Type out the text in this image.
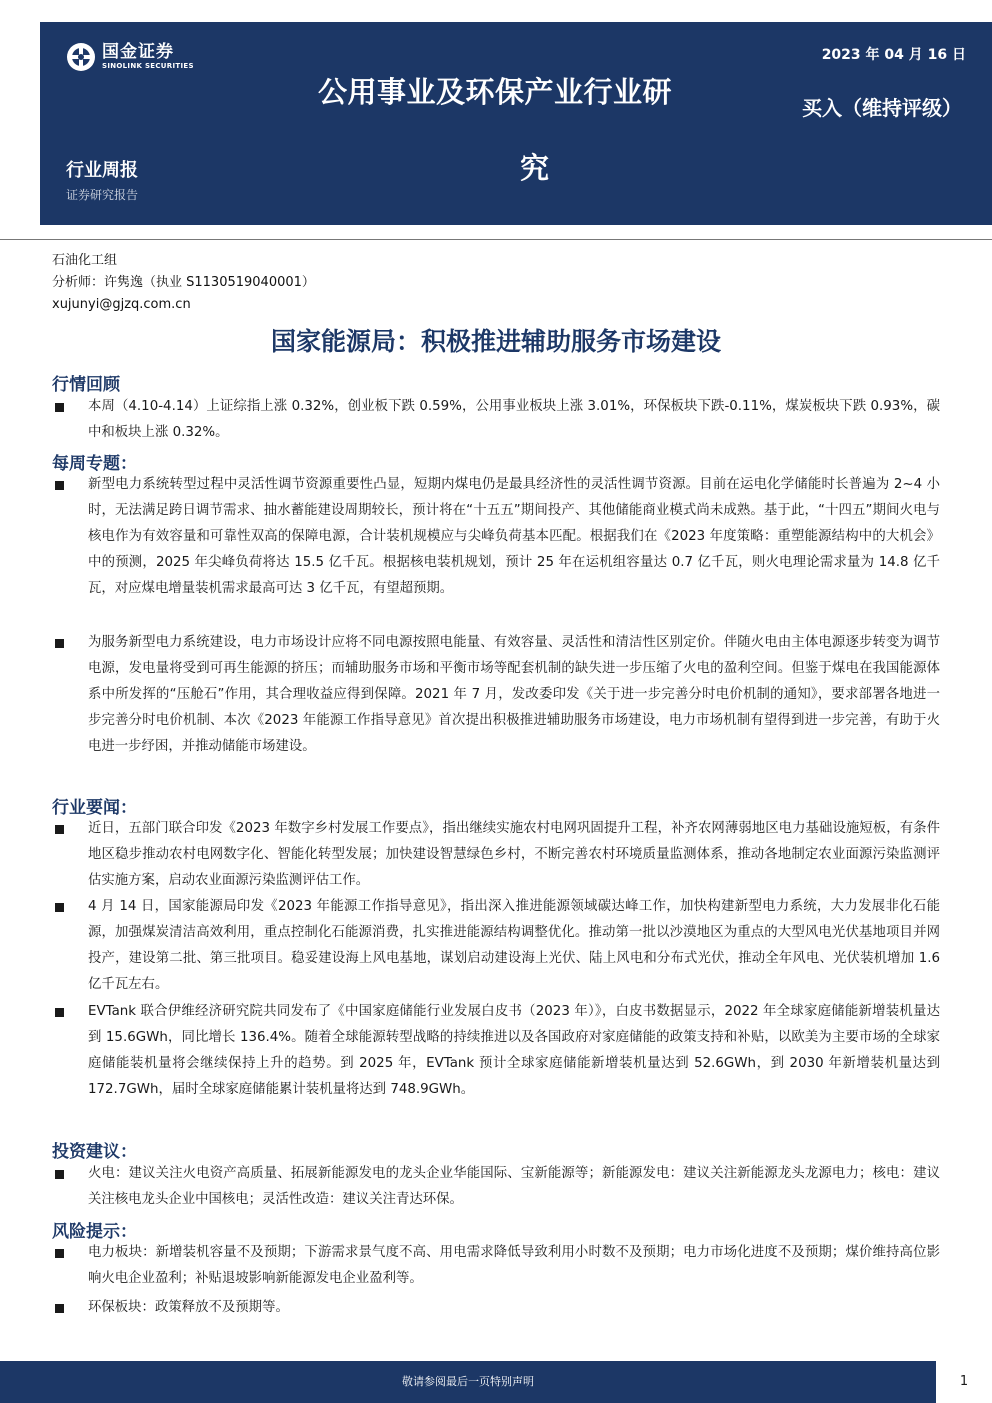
国金证券
SINOLINK SECURITIES
2023 年 04 月 16 日
公用事业及环保产业行业研
究
买入（维持评级）
行业周报
证券研究报告
石油化工组
分析师：许隽逸（执业 S1130519040001）
xujunyi@gjzq.com.cn
国家能源局：积极推进辅助服务市场建设
行情回顾
本周（4.10-4.14）上证综指上涨 0.32%，创业板下跌 0.59%，公用事业板块上涨 3.01%，环保板块下跌-0.11%，煤炭板块下跌 0.93%，碳中和板块上涨 0.32%。
每周专题：
新型电力系统转型过程中灵活性调节资源重要性凸显，短期内煤电仍是最具经济性的灵活性调节资源。目前在运电化学储能时长普遍为 2~4 小时，无法满足跨日调节需求、抽水蓄能建设周期较长，预计将在“十五五”期间投产、其他储能商业模式尚未成熟。基于此，“十四五”期间火电与核电作为有效容量和可靠性双高的保障电源，合计装机规模应与尖峰负荷基本匹配。根据我们在《2023 年度策略：重塑能源结构中的大机会》中的预测，2025 年尖峰负荷将达 15.5 亿千瓦。根据核电装机规划，预计 25 年在运机组容量达 0.7 亿千瓦，则火电理论需求量为 14.8 亿千瓦，对应煤电增量装机需求最高可达 3 亿千瓦，有望超预期。
为服务新型电力系统建设，电力市场设计应将不同电源按照电能量、有效容量、灵活性和清洁性区别定价。伴随火电由主体电源逐步转变为调节电源，发电量将受到可再生能源的挤压；而辅助服务市场和平衡市场等配套机制的缺失进一步压缩了火电的盈利空间。但鉴于煤电在我国能源体系中所发挥的“压舱石”作用，其合理收益应得到保障。2021 年 7 月，发改委印发《关于进一步完善分时电价机制的通知》，要求部署各地进一步完善分时电价机制、本次《2023 年能源工作指导意见》首次提出积极推进辅助服务市场建设，电力市场机制有望得到进一步完善，有助于火电进一步纾困，并推动储能市场建设。
行业要闻：
近日，五部门联合印发《2023 年数字乡村发展工作要点》，指出继续实施农村电网巩固提升工程，补齐农网薄弱地区电力基础设施短板，有条件地区稳步推动农村电网数字化、智能化转型发展；加快建设智慧绿色乡村，不断完善农村环境质量监测体系，推动各地制定农业面源污染监测评估实施方案，启动农业面源污染监测评估工作。
4 月 14 日，国家能源局印发《2023 年能源工作指导意见》，指出深入推进能源领域碳达峰工作，加快构建新型电力系统，大力发展非化石能源，加强煤炭清洁高效利用，重点控制化石能源消费，扎实推进能源结构调整优化。推动第一批以沙漠地区为重点的大型风电光伏基地项目并网投产，建设第二批、第三批项目。稳妥建设海上风电基地，谋划启动建设海上光伏、陆上风电和分布式光伏，推动全年风电、光伏装机增加 1.6 亿千瓦左右。
EVTank 联合伊维经济研究院共同发布了《中国家庭储能行业发展白皮书（2023 年）》，白皮书数据显示，2022 年全球家庭储能新增装机量达到 15.6GWh，同比增长 136.4%。随着全球能源转型战略的持续推进以及各国政府对家庭储能的政策支持和补贴，以欧美为主要市场的全球家庭储能装机量将会继续保持上升的趋势。到 2025 年，EVTank 预计全球家庭储能新增装机量达到 52.6GWh，到 2030 年新增装机量达到 172.7GWh，届时全球家庭储能累计装机量将达到 748.9GWh。
投资建议：
火电：建议关注火电资产高质量、拓展新能源发电的龙头企业华能国际、宝新能源等；新能源发电：建议关注新能源龙头龙源电力；核电：建议关注核电龙头企业中国核电；灵活性改造：建议关注青达环保。
风险提示：
电力板块：新增装机容量不及预期；下游需求景气度不高、用电需求降低导致利用小时数不及预期；电力市场化进度不及预期；煤价维持高位影响火电企业盈利；补贴退坡影响新能源发电企业盈利等。
环保板块：政策释放不及预期等。
敬请参阅最后一页特别声明	1
